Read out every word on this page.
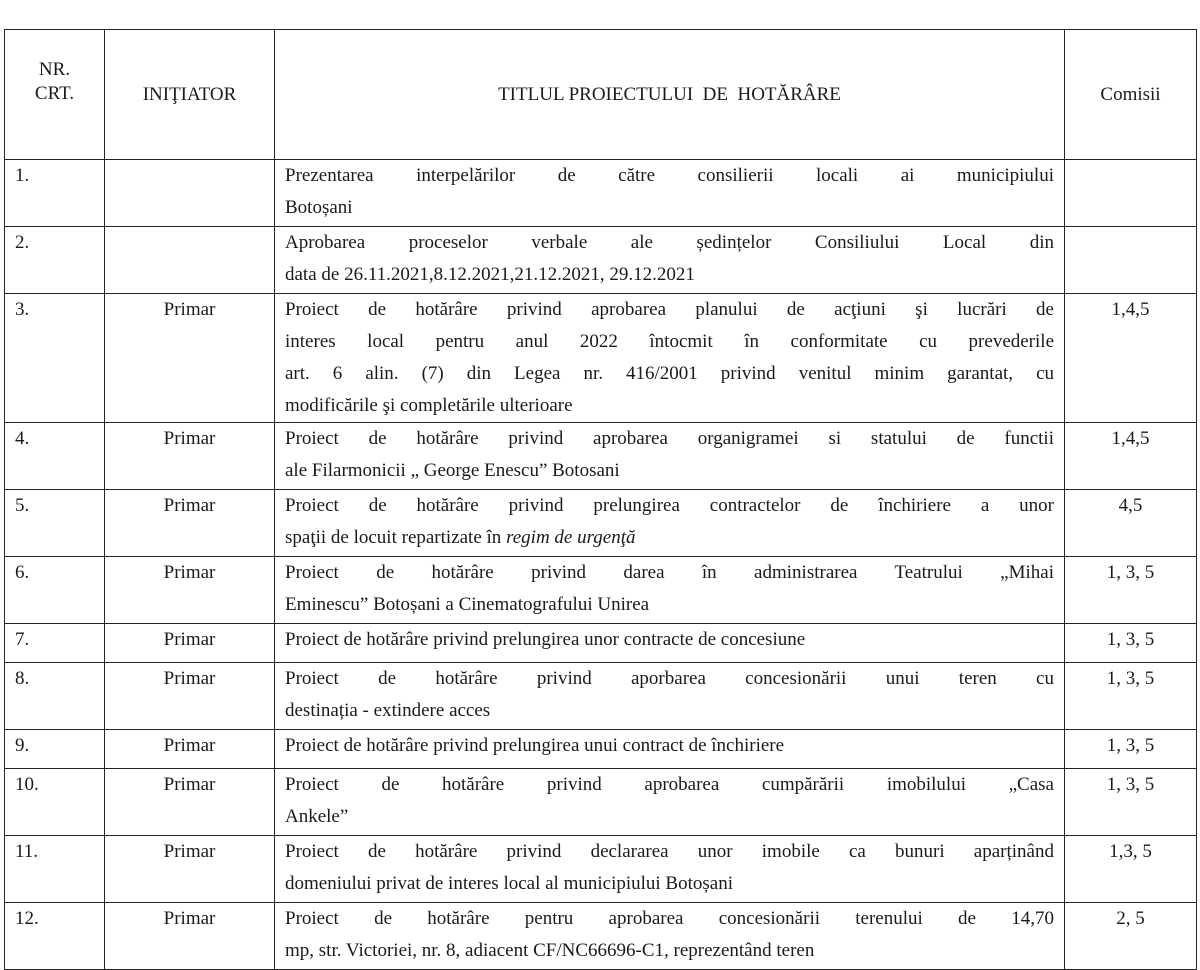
NR.
CRT.	INIŢIATOR	TITLUL PROIECTULUI  DE  HOTĂRÂRE	Comisii
1.		Prezentarea interpelărilor de către consilierii locali ai municipiului
Botoșani	

2.		Aprobarea proceselor verbale ale ședințelor Consiliului Local din
data de 26.11.2021,8.12.2021,21.12.2021, 29.12.2021	

3.	Primar	Proiect de hotărâre privind aprobarea planului de acţiuni şi lucrări de
interes local pentru anul 2022 întocmit în conformitate cu prevederile
art. 6 alin. (7) din Legea nr. 416/2001 privind venitul minim garantat, cu
modificările şi completările ulterioare	1,4,5
4.	Primar	Proiect de hotărâre privind aprobarea organigramei si statului de functii
ale Filarmonicii „ George Enescu” Botosani	1,4,5
5.	Primar	Proiect de hotărâre privind prelungirea contractelor de închiriere a unor
spaţii de locuit repartizate în regim de urgenţă	4,5
6.	Primar	Proiect de hotărâre privind darea în administrarea Teatrului „Mihai
Eminescu” Botoșani a Cinematografului Unirea	1, 3, 5
7.	Primar	Proiect de hotărâre privind prelungirea unor contracte de concesiune	1, 3, 5
8.	Primar	Proiect de hotărâre privind aporbarea concesionării unui teren cu
destinația - extindere acces	1, 3, 5
9.	Primar	Proiect de hotărâre privind prelungirea unui contract de închiriere	1, 3, 5
10.	Primar	Proiect de hotărâre privind aprobarea cumpărării imobilului „Casa
Ankele”	1, 3, 5
11.	Primar	Proiect de hotărâre privind declararea unor imobile ca bunuri aparținând
domeniului privat de interes local al municipiului Botoșani	1,3, 5
12.	Primar	Proiect de hotărâre pentru aprobarea concesionării terenului de 14,70
mp, str. Victoriei, nr. 8, adiacent CF/NC66696-C1, reprezentând teren	2, 5
